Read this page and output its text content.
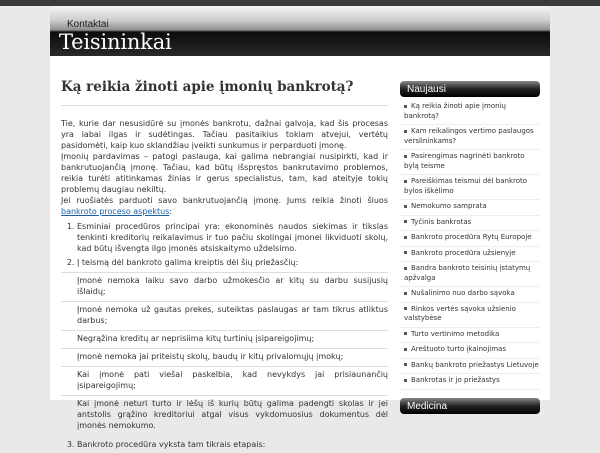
Kontaktai
Teisininkai
Ką reikia žinoti apie įmonių bankrotą?

Tie, kurie dar nesusidūrė su įmonės bankrotu, dažnai galvoja, kad šis procesas yra labai ilgas ir sudėtingas. Tačiau pasitaikius tokiam atvejui, vertėtų pasidomėti, kaip kuo sklandžiau įveikti sunkumus ir perparduoti įmonę.

Įmonių pardavimas – patogi paslauga, kai galima nebrangiai nusipirkti, kad ir bankrutuojančią įmonę. Tačiau, kad būtų išspręstos bankrutavimo problemos, reikia turėti atitinkamas žinias ir gerus specialistus, tam, kad ateityje tokių problemų daugiau nekiltų.

Jei ruošiatės parduoti savo bankrutuojančią įmonę. Jums reikia žinoti šiuos bankroto proceso aspektus:

1. Esminiai procedūros principai yra: ekonominės naudos siekimas ir tikslas tenkinti kreditorių reikalavimus ir tuo pačiu skolingai įmonei likviduoti skolų, kad būtų išvengta ilgo įmonės atsiskaitymo uždelsimo.
2. Į teismą dėl bankroto galima kreiptis dėl šių priežasčių:
Įmonė nemoka laiku savo darbo užmokesčio ar kitų su darbu susijusių išlaidų;
Įmonė nemoka už gautas prekes, suteiktas paslaugas ar tam tikrus atliktus darbus;
Negrąžina kreditų ar neprisiima kitų turtinių įsipareigojimų;
Įmonė nemoka jai priteistų skolų, baudų ir kitų privalomųjų įmokų;
Kai įmonė pati viešai paskelbia, kad nevykdys jai prisiaunančių įsipareigojimų;
Kai įmonė neturi turto ir lėšų iš kurių būtų galima padengti skolas ir jei antstolis grąžino kreditoriui atgal visus vykdomuosius dokumentus dėl įmonės nemokumo.
3. Bankroto procedūra vyksta tam tikrais etapais:
Naujausi
Ką reikia žinoti apie įmonių bankrotą?
Kam reikalingos vertimo paslaugos verslininkams?
Pasirengimas nagrinėti bankroto bylą teisme
Pareiškimas teismui dėl bankroto bylos iškėlimo
Nemokumo samprata
Tyčinis bankrotas
Bankroto procedūra Rytų Europoje
Bankroto procedūra užsienyje
Bandra bankroto teisinių įstatymų apžvalga
Nušalinimo nuo darbo sąvoka
Rinkos vertės sąvoka užsienio valstybėse
Turto vertinimo metodika
Areštuoto turto įkainojimas
Bankų bankroto priežastys Lietuvoje
Bankrotas ir jo priežastys
Medicina
